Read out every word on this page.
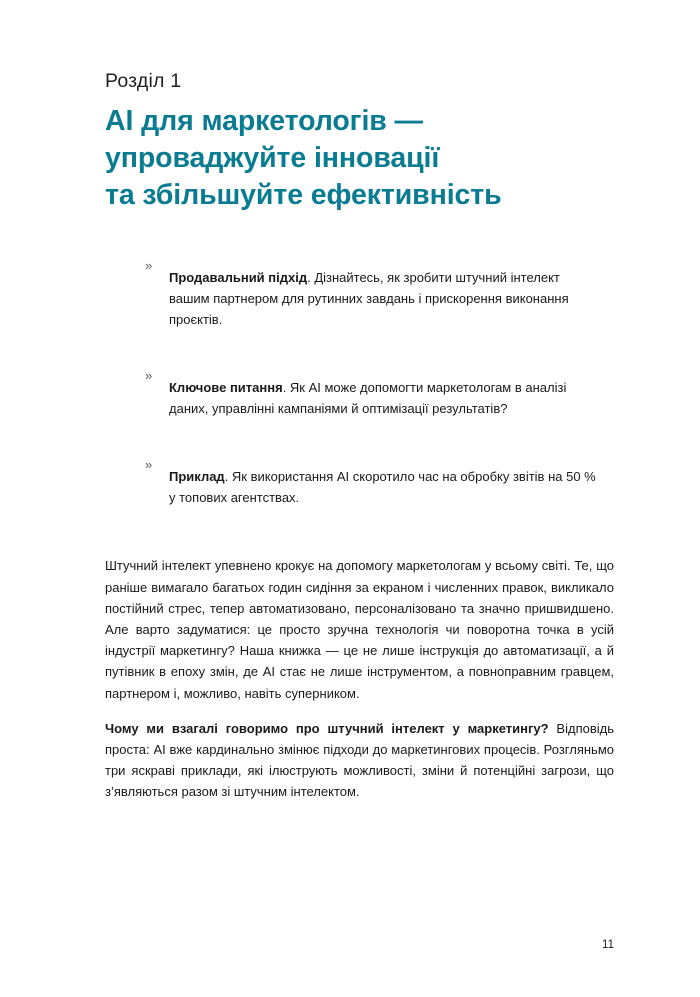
Розділ 1

AI для маркетологів —
упроваджуйте інновації
та збільшуйте ефективність
»

Продавальний підхід. Дізнайтесь, як зробити штучний інтелект вашим партнером для рутинних завдань і прискорення виконання проєктів.

»

Ключове питання. Як AI може допомогти маркетологам в аналізі даних, управлінні кампаніями й оптимізації результатів?

»

Приклад. Як використання AI скоротило час на обробку звітів на 50 % у топових агентствах.

Штучний інтелект упевнено крокує на допомогу маркетологам у всьому світі. Те, що раніше вимагало багатьох годин сидіння за екраном і численних правок, викликало постійний стрес, тепер автоматизовано, персоналізовано та значно пришвидшено. Але варто задуматися: це просто зручна технологія чи поворотна точка в усій індустрії маркетингу? Наша книжка — це не лише інструкція до автоматизації, а й путівник в епоху змін, де AI стає не лише інструментом, а повноправним гравцем, партнером і, можливо, навіть суперником.

Чому ми взагалі говоримо про штучний інтелект у маркетингу? Відповідь проста: AI вже кардинально змінює підходи до маркетингових процесів. Розгляньмо три яскраві приклади, які ілюструють можливості, зміни й потенційні загрози, що з’являються разом зі штучним інтелектом.

11
